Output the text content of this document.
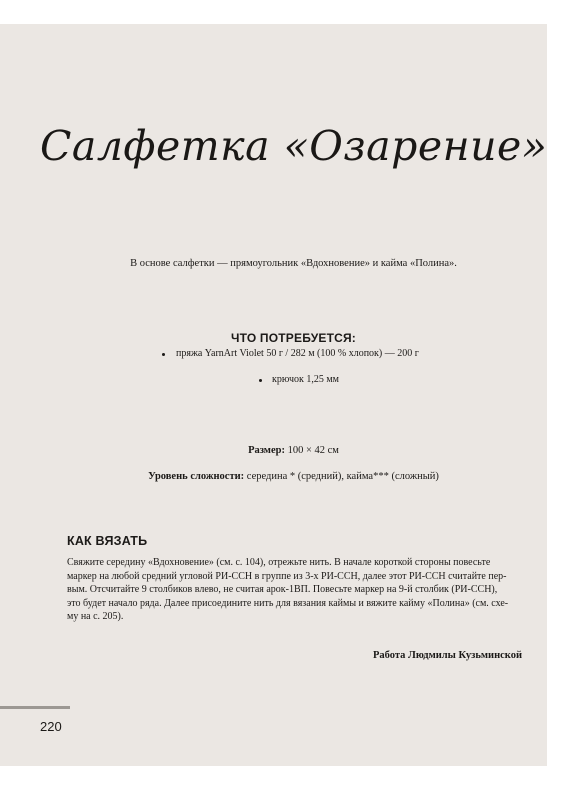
Салфетка «Озарение»
В основе салфетки — прямоугольник «Вдохновение» и кайма «Полина».
ЧТО ПОТРЕБУЕТСЯ:
пряжа YarnArt Violet 50 г / 282 м (100 % хлопок) — 200 г
крючок 1,25 мм
Размер: 100 × 42 см
Уровень сложности: середина * (средний), кайма*** (сложный)
КАК ВЯЗАТЬ
Свяжите середину «Вдохновение» (см. с. 104), отрежьте нить. В начале короткой стороны повесьте
маркер на любой средний угловой РИ-ССН в группе из 3-х РИ-ССН, далее этот РИ-ССН считайте пер-
вым. Отсчитайте 9 столбиков влево, не считая арок-1ВП. Повесьте маркер на 9-й столбик (РИ-ССН),
это будет начало ряда. Далее присоедините нить для вязания каймы и вяжите кайму «Полина» (см. схе-
му на с. 205).
Работа Людмилы Кузьминской
220
